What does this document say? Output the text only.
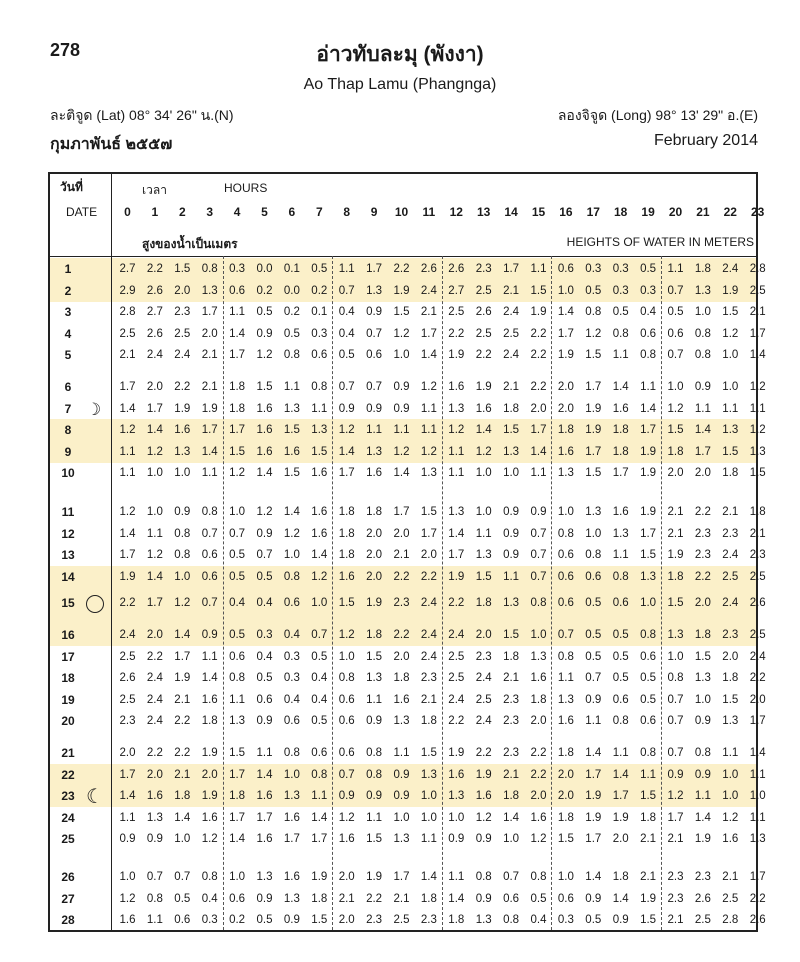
278	อ่าวทับละมุ (พังงา)
Ao Thap Lamu (Phangnga)
ละติจูด (Lat) 08° 34' 26" น.(N)	ลองจิจูด (Long) 98° 13' 29" อ.(E)
กุมภาพันธ์ ๒๕๕๗	February 2014
วันที่
DATE
เวลา	HOURS
สูงของน้ำเป็นเมตร	HEIGHTS OF WATER IN METERS
0	1	2	3	4	5	6	7	8	9	10	11	12	13	14	15	16	17	18	19	20	21	22	23
1	2.7 2.2 1.5 0.8 0.3 0.0 0.1 0.5 1.1 1.7 2.2 2.6 2.6 2.3 1.7 1.1 0.6 0.3 0.3 0.5 1.1 1.8 2.4 2.8
2	2.9 2.6 2.0 1.3 0.6 0.2 0.0 0.2 0.7 1.3 1.9 2.4 2.7 2.5 2.1 1.5 1.0 0.5 0.3 0.3 0.7 1.3 1.9 2.5
3	2.8 2.7 2.3 1.7 1.1 0.5 0.2 0.1 0.4 0.9 1.5 2.1 2.5 2.6 2.4 1.9 1.4 0.8 0.5 0.4 0.5 1.0 1.5 2.1
4	2.5 2.6 2.5 2.0 1.4 0.9 0.5 0.3 0.4 0.7 1.2 1.7 2.2 2.5 2.5 2.2 1.7 1.2 0.8 0.6 0.6 0.8 1.2 1.7
5	2.1 2.4 2.4 2.1 1.7 1.2 0.8 0.6 0.5 0.6 1.0 1.4 1.9 2.2 2.4 2.2 1.9 1.5 1.1 0.8 0.7 0.8 1.0 1.4
6	1.7 2.0 2.2 2.1 1.8 1.5 1.1 0.8 0.7 0.7 0.9 1.2 1.6 1.9 2.1 2.2 2.0 1.7 1.4 1.1 1.0 0.9 1.0 1.2
7 ☽	1.4 1.7 1.9 1.9 1.8 1.6 1.3 1.1 0.9 0.9 0.9 1.1 1.3 1.6 1.8 2.0 2.0 1.9 1.6 1.4 1.2 1.1 1.1 1.1
8	1.2 1.4 1.6 1.7 1.7 1.6 1.5 1.3 1.2 1.1 1.1 1.1 1.2 1.4 1.5 1.7 1.8 1.9 1.8 1.7 1.5 1.4 1.3 1.2
9	1.1 1.2 1.3 1.4 1.5 1.6 1.6 1.5 1.4 1.3 1.2 1.2 1.1 1.2 1.3 1.4 1.6 1.7 1.8 1.9 1.8 1.7 1.5 1.3
10	1.1 1.0 1.0 1.1 1.2 1.4 1.5 1.6 1.7 1.6 1.4 1.3 1.1 1.0 1.0 1.1 1.3 1.5 1.7 1.9 2.0 2.0 1.8 1.5
11	1.2 1.0 0.9 0.8 1.0 1.2 1.4 1.6 1.8 1.8 1.7 1.5 1.3 1.0 0.9 0.9 1.0 1.3 1.6 1.9 2.1 2.2 2.1 1.8
12	1.4 1.1 0.8 0.7 0.7 0.9 1.2 1.6 1.8 2.0 2.0 1.7 1.4 1.1 0.9 0.7 0.8 1.0 1.3 1.7 2.1 2.3 2.3 2.1
13	1.7 1.2 0.8 0.6 0.5 0.7 1.0 1.4 1.8 2.0 2.1 2.0 1.7 1.3 0.9 0.7 0.6 0.8 1.1 1.5 1.9 2.3 2.4 2.3
14	1.9 1.4 1.0 0.6 0.5 0.5 0.8 1.2 1.6 2.0 2.2 2.2 1.9 1.5 1.1 0.7 0.6 0.6 0.8 1.3 1.8 2.2 2.5 2.5
15	2.2 1.7 1.2 0.7 0.4 0.4 0.6 1.0 1.5 1.9 2.3 2.4 2.2 1.8 1.3 0.8 0.6 0.5 0.6 1.0 1.5 2.0 2.4 2.6
16	2.4 2.0 1.4 0.9 0.5 0.3 0.4 0.7 1.2 1.8 2.2 2.4 2.4 2.0 1.5 1.0 0.7 0.5 0.5 0.8 1.3 1.8 2.3 2.5
17	2.5 2.2 1.7 1.1 0.6 0.4 0.3 0.5 1.0 1.5 2.0 2.4 2.5 2.3 1.8 1.3 0.8 0.5 0.5 0.6 1.0 1.5 2.0 2.4
18	2.6 2.4 1.9 1.4 0.8 0.5 0.3 0.4 0.8 1.3 1.8 2.3 2.5 2.4 2.1 1.6 1.1 0.7 0.5 0.5 0.8 1.3 1.8 2.2
19	2.5 2.4 2.1 1.6 1.1 0.6 0.4 0.4 0.6 1.1 1.6 2.1 2.4 2.5 2.3 1.8 1.3 0.9 0.6 0.5 0.7 1.0 1.5 2.0
20	2.3 2.4 2.2 1.8 1.3 0.9 0.6 0.5 0.6 0.9 1.3 1.8 2.2 2.4 2.3 2.0 1.6 1.1 0.8 0.6 0.7 0.9 1.3 1.7
21	2.0 2.2 2.2 1.9 1.5 1.1 0.8 0.6 0.6 0.8 1.1 1.5 1.9 2.2 2.3 2.2 1.8 1.4 1.1 0.8 0.7 0.8 1.1 1.4
22	1.7 2.0 2.1 2.0 1.7 1.4 1.0 0.8 0.7 0.8 0.9 1.3 1.6 1.9 2.1 2.2 2.0 1.7 1.4 1.1 0.9 0.9 1.0 1.1
23 ☾	1.4 1.6 1.8 1.9 1.8 1.6 1.3 1.1 0.9 0.9 0.9 1.0 1.3 1.6 1.8 2.0 2.0 1.9 1.7 1.5 1.2 1.1 1.0 1.0
24	1.1 1.3 1.4 1.6 1.7 1.7 1.6 1.4 1.2 1.1 1.0 1.0 1.0 1.2 1.4 1.6 1.8 1.9 1.9 1.8 1.7 1.4 1.2 1.1
25	0.9 0.9 1.0 1.2 1.4 1.6 1.7 1.7 1.6 1.5 1.3 1.1 0.9 0.9 1.0 1.2 1.5 1.7 2.0 2.1 2.1 1.9 1.6 1.3
26	1.0 0.7 0.7 0.8 1.0 1.3 1.6 1.9 2.0 1.9 1.7 1.4 1.1 0.8 0.7 0.8 1.0 1.4 1.8 2.1 2.3 2.3 2.1 1.7
27	1.2 0.8 0.5 0.4 0.6 0.9 1.3 1.8 2.1 2.2 2.1 1.8 1.4 0.9 0.6 0.5 0.6 0.9 1.4 1.9 2.3 2.6 2.5 2.2
28	1.6 1.1 0.6 0.3 0.2 0.5 0.9 1.5 2.0 2.3 2.5 2.3 1.8 1.3 0.8 0.4 0.3 0.5 0.9 1.5 2.1 2.5 2.8 2.6
